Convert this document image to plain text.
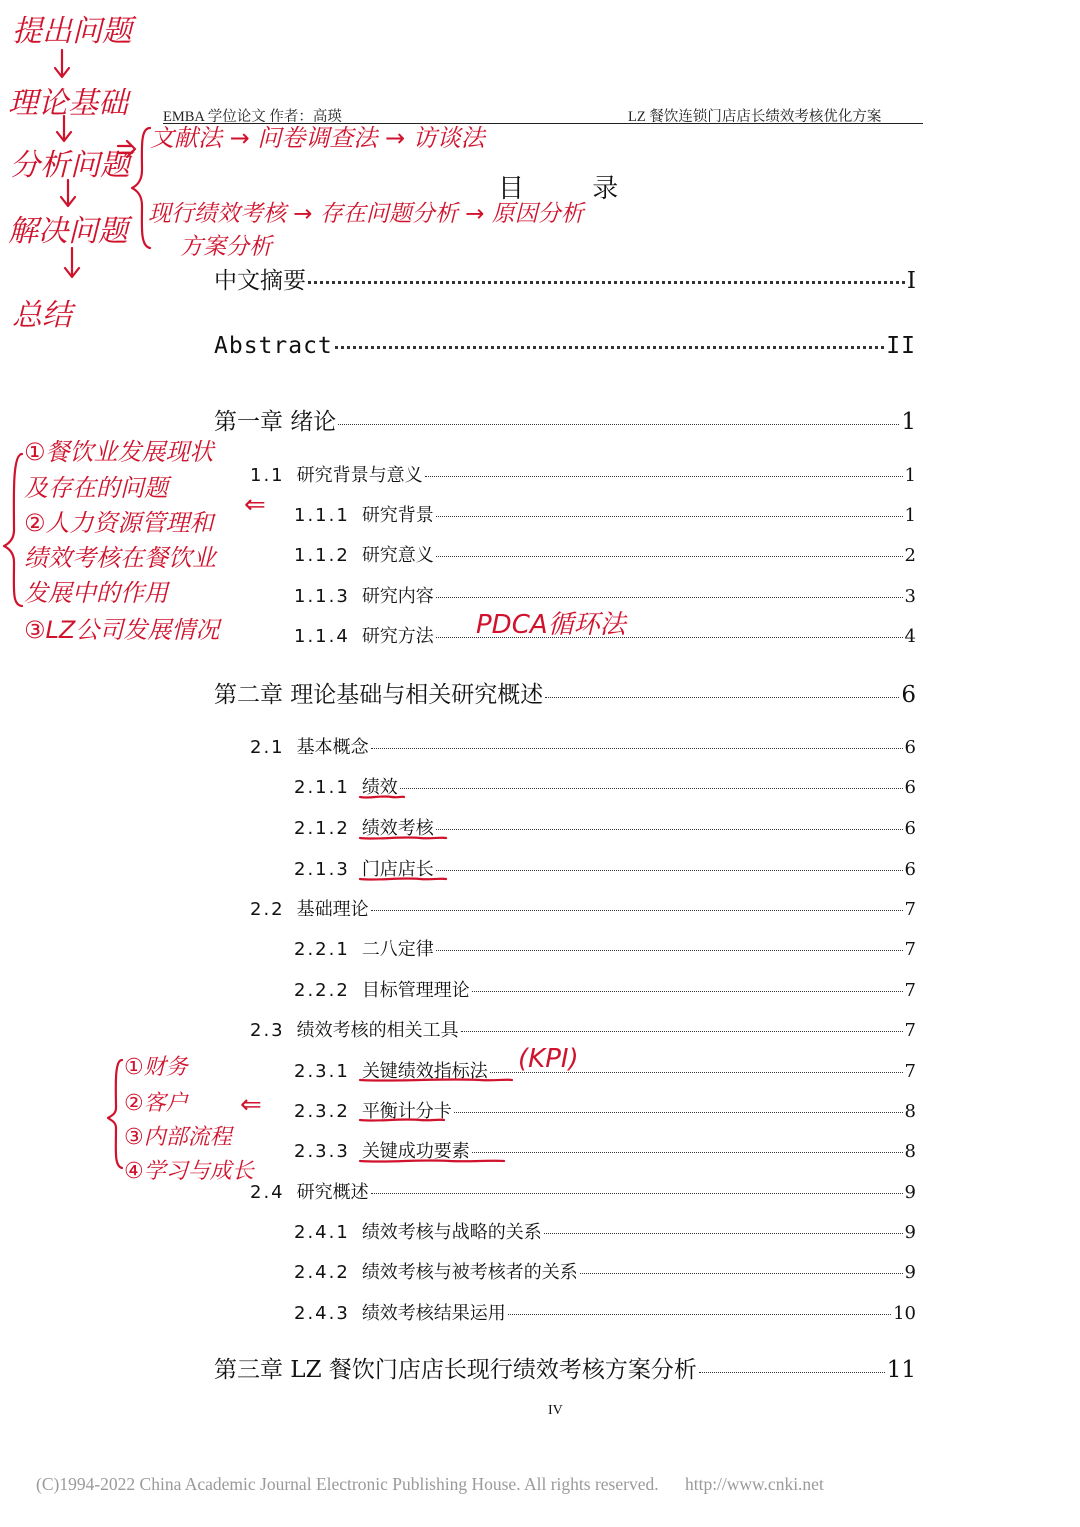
EMBA 学位论文 作者：高瑛	LZ 餐饮连锁门店店长绩效考核优化方案
目 录
中文摘要	I
Abstract	II
第一章 绪论	1
1.1 研究背景与意义	1
1.1.1 研究背景	1
1.1.2 研究意义	2
1.1.3 研究内容	3
1.1.4 研究方法	4
第二章 理论基础与相关研究概述	6
2.1 基本概念	6
2.1.1 绩效	6
2.1.2 绩效考核	6
2.1.3 门店店长	6
2.2 基础理论	7
2.2.1 二八定律	7
2.2.2 目标管理理论	7
2.3 绩效考核的相关工具	7
2.3.1 关键绩效指标法	7
2.3.2 平衡计分卡	8
2.3.3 关键成功要素	8
2.4 研究概述	9
2.4.1 绩效考核与战略的关系	9
2.4.2 绩效考核与被考核者的关系	9
2.4.3 绩效考核结果运用	10
第三章 LZ 餐饮门店店长现行绩效考核方案分析	11
IV
(C)1994-2022 China Academic Journal Electronic Publishing House. All rights reserved. http://www.cnki.net
提出问题
理论基础
分析问题
解决问题
总结
文献法 → 问卷调查法 → 访谈法
现行绩效考核 → 存在问题分析 → 原因分析
方案分析
①餐饮业发展现状
及存在的问题
②人力资源管理和
绩效考核在餐饮业
发展中的作用
③LZ公司发展情况
⇐
PDCA循环法
(KPI)
①财务
②客户
③内部流程
④学习与成长
⇐
